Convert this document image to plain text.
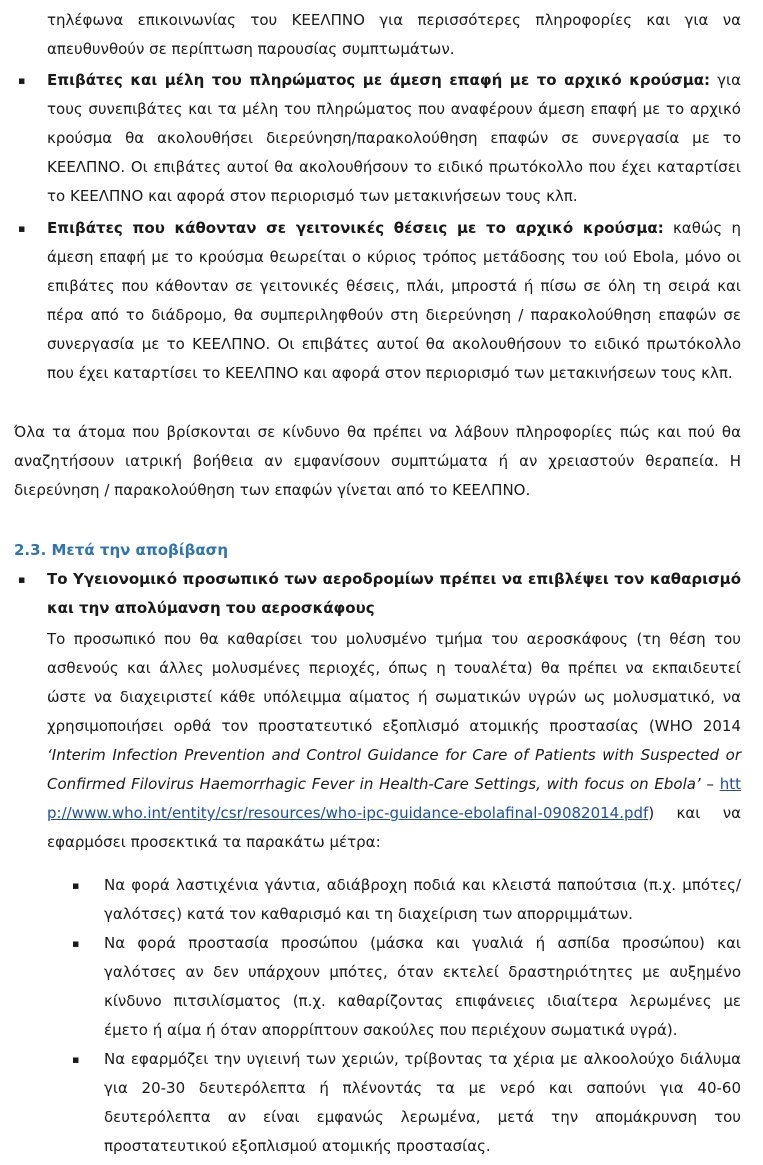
τηλέφωνα επικοινωνίας του ΚΕΕΛΠΝΟ για περισσότερες πληροφορίες και για να απευθυνθούν σε περίπτωση παρουσίας συμπτωμάτων.
▪ Επιβάτες και μέλη του πληρώματος με άμεση επαφή με το αρχικό κρούσμα: για τους συνεπιβάτες και τα μέλη του πληρώματος που αναφέρουν άμεση επαφή με το αρχικό κρούσμα θα ακολουθήσει διερεύνηση/παρακολούθηση επαφών σε συνεργασία με το ΚΕΕΛΠΝΟ. Οι επιβάτες αυτοί θα ακολουθήσουν το ειδικό πρωτόκολλο που έχει καταρτίσει το ΚΕΕΛΠΝΟ και αφορά στον περιορισμό των μετακινήσεων τους κλπ.
▪ Επιβάτες που κάθονταν σε γειτονικές θέσεις με το αρχικό κρούσμα: καθώς η άμεση επαφή με το κρούσμα θεωρείται ο κύριος τρόπος μετάδοσης του ιού Ebola, μόνο οι επιβάτες που κάθονταν σε γειτονικές θέσεις, πλάι, μπροστά ή πίσω σε όλη τη σειρά και πέρα από το διάδρομο, θα συμπεριληφθούν στη διερεύνηση / παρακολούθηση επαφών σε συνεργασία με το ΚΕΕΛΠΝΟ. Οι επιβάτες αυτοί θα ακολουθήσουν το ειδικό πρωτόκολλο που έχει καταρτίσει το ΚΕΕΛΠΝΟ και αφορά στον περιορισμό των μετακινήσεων τους κλπ.
Όλα τα άτομα που βρίσκονται σε κίνδυνο θα πρέπει να λάβουν πληροφορίες πώς και πού θα αναζητήσουν ιατρική βοήθεια αν εμφανίσουν συμπτώματα ή αν χρειαστούν θεραπεία. Η διερεύνηση / παρακολούθηση των επαφών γίνεται από το ΚΕΕΛΠΝΟ.
2.3. Μετά την αποβίβαση
▪ Το Υγειονομικό προσωπικό των αεροδρομίων πρέπει να επιβλέψει τον καθαρισμό και την απολύμανση του αεροσκάφους
Το προσωπικό που θα καθαρίσει του μολυσμένο τμήμα του αεροσκάφους (τη θέση του ασθενούς και άλλες μολυσμένες περιοχές, όπως η τουαλέτα) θα πρέπει να εκπαιδευτεί ώστε να διαχειριστεί κάθε υπόλειμμα αίματος ή σωματικών υγρών ως μολυσματικό, να χρησιμοποιήσει ορθά τον προστατευτικό εξοπλισμό ατομικής προστασίας (WHO 2014 ‘Interim Infection Prevention and Control Guidance for Care of Patients with Suspected or Confirmed Filovirus Haemorrhagic Fever in Health-Care Settings, with focus on Ebola’ – http://www.who.int/entity/csr/resources/who-ipc-guidance-ebolafinal-09082014.pdf) και να εφαρμόσει προσεκτικά τα παρακάτω μέτρα:
▪ Να φορά λαστιχένια γάντια, αδιάβροχη ποδιά και κλειστά παπούτσια (π.χ. μπότες/γαλότσες) κατά τον καθαρισμό και τη διαχείριση των απορριμμάτων.
▪ Να φορά προστασία προσώπου (μάσκα και γυαλιά ή ασπίδα προσώπου) και γαλότσες αν δεν υπάρχουν μπότες, όταν εκτελεί δραστηριότητες με αυξημένο κίνδυνο πιτσιλίσματος (π.χ. καθαρίζοντας επιφάνειες ιδιαίτερα λερωμένες με έμετο ή αίμα ή όταν απορρίπτουν σακούλες που περιέχουν σωματικά υγρά).
▪ Να εφαρμόζει την υγιεινή των χεριών, τρίβοντας τα χέρια με αλκοολούχο διάλυμα για 20-30 δευτερόλεπτα ή πλένοντάς τα με νερό και σαπούνι για 40-60 δευτερόλεπτα αν είναι εμφανώς λερωμένα, μετά την απομάκρυνση του προστατευτικού εξοπλισμού ατομικής προστασίας.
